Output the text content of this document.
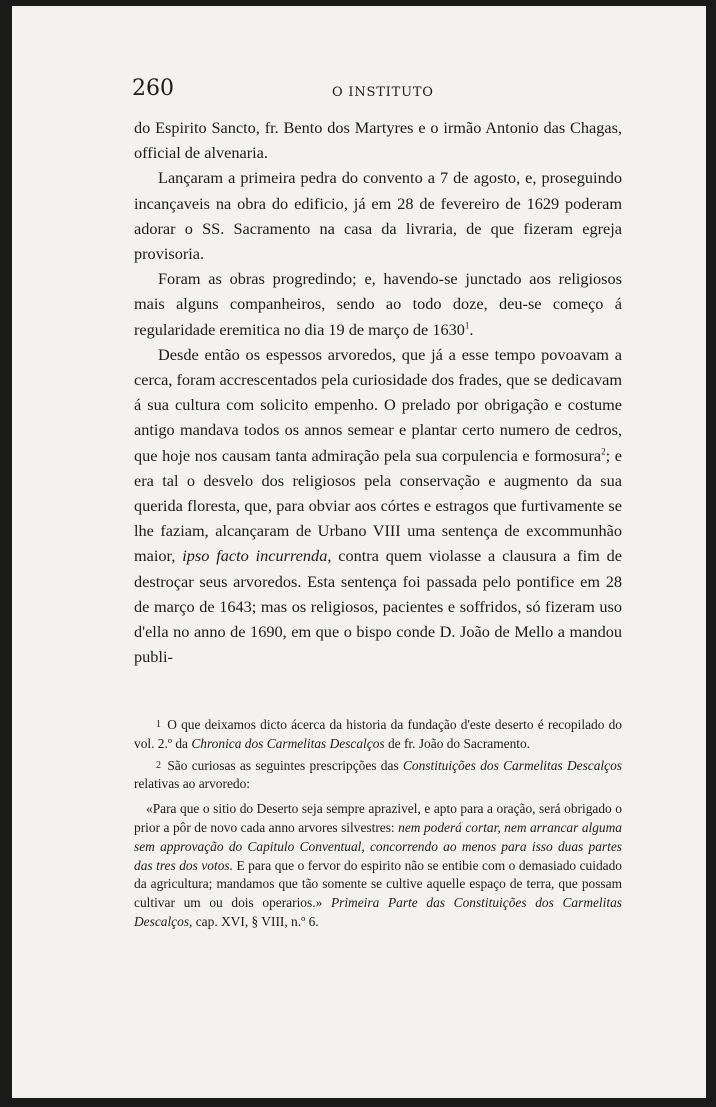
260	O INSTITUTO

do Espirito Sancto, fr. Bento dos Martyres e o irmão Antonio das Chagas, official de alvenaria.

Lançaram a primeira pedra do convento a 7 de agosto, e, proseguindo incançaveis na obra do edificio, já em 28 de fevereiro de 1629 poderam adorar o SS. Sacramento na casa da livraria, de que fizeram egreja provisoria.

Foram as obras progredindo; e, havendo-se junctado aos religiosos mais alguns companheiros, sendo ao todo doze, deu-se começo á regularidade eremitica no dia 19 de março de 1630$^1$.

Desde então os espessos arvoredos, que já a esse tempo povoavam a cerca, foram accrescentados pela curiosidade dos frades, que se dedicavam á sua cultura com solicito empenho. O prelado por obrigação e costume antigo mandava todos os annos semear e plantar certo numero de cedros, que hoje nos causam tanta admiração pela sua corpulencia e formosura$^2$; e era tal o desvelo dos religiosos pela conservação e augmento da sua querida floresta, que, para obviar aos córtes e estragos que furtivamente se lhe faziam, alcançaram de Urbano VIII uma sentença de excommunhão maior, ipso facto incurrenda, contra quem violasse a clausura a fim de destroçar seus arvoredos. Esta sentença foi passada pelo pontifice em 28 de março de 1643; mas os religiosos, pacientes e soffridos, só fizeram uso d'ella no anno de 1690, em que o bispo conde D. João de Mello a mandou publi-

1 O que deixamos dicto ácerca da historia da fundação d'este deserto é recopilado do vol. 2.º da Chronica dos Carmelitas Descalços de fr. João do Sacramento.

2 São curiosas as seguintes prescripções das Constituições dos Carmelitas Descalços relativas ao arvoredo:

«Para que o sitio do Deserto seja sempre aprazivel, e apto para a oração, será obrigado o prior a pôr de novo cada anno arvores silvestres: nem poderá cortar, nem arrancar alguma sem approvação do Capitulo Conventual, concorrendo ao menos para isso duas partes das tres dos votos. E para que o fervor do espirito não se entibie com o demasiado cuidado da agricultura; mandamos que tão somente se cultive aquelle espaço de terra, que possam cultivar um ou dois operarios.» Primeira Parte das Constituições dos Carmelitas Descalços, cap. XVI, § VIII, n.º 6.
